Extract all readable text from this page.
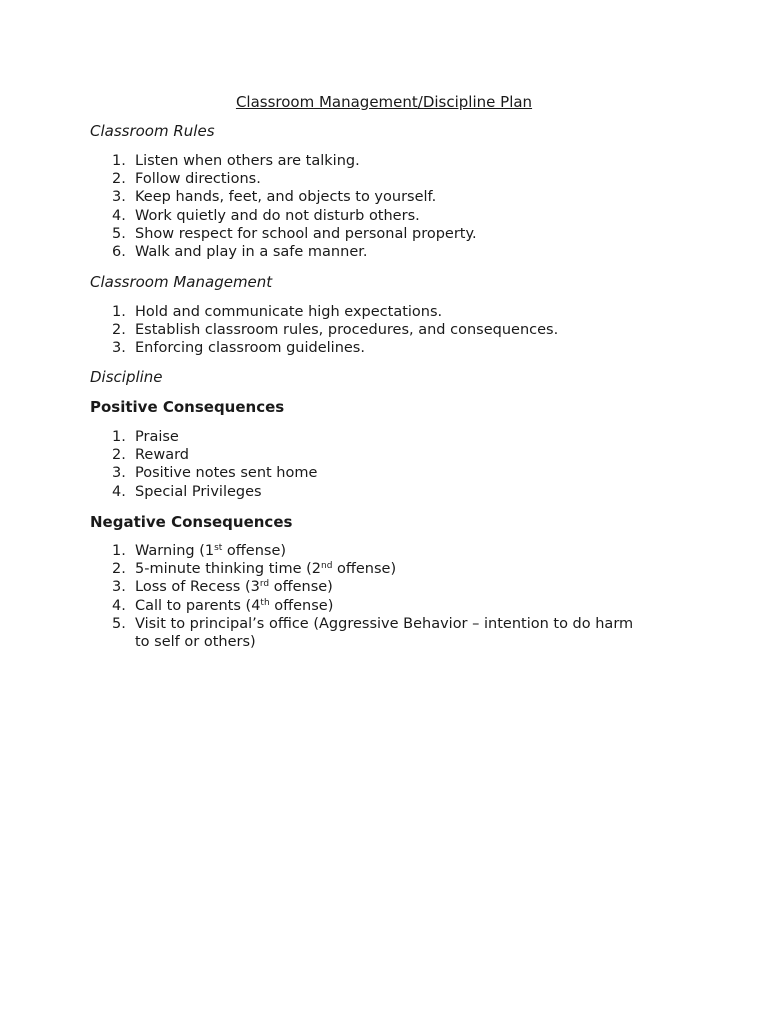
Classroom Management/Discipline Plan
Classroom Rules
1. Listen when others are talking.
2. Follow directions.
3. Keep hands, feet, and objects to yourself.
4. Work quietly and do not disturb others.
5. Show respect for school and personal property.
6. Walk and play in a safe manner.
Classroom Management
1. Hold and communicate high expectations.
2. Establish classroom rules, procedures, and consequences.
3. Enforcing classroom guidelines.
Discipline
Positive Consequences
1. Praise
2. Reward
3. Positive notes sent home
4. Special Privileges
Negative Consequences
1. Warning (1st offense)
2. 5-minute thinking time (2nd offense)
3. Loss of Recess (3rd offense)
4. Call to parents (4th offense)
5. Visit to principal’s office (Aggressive Behavior – intention to do harm to self or others)
